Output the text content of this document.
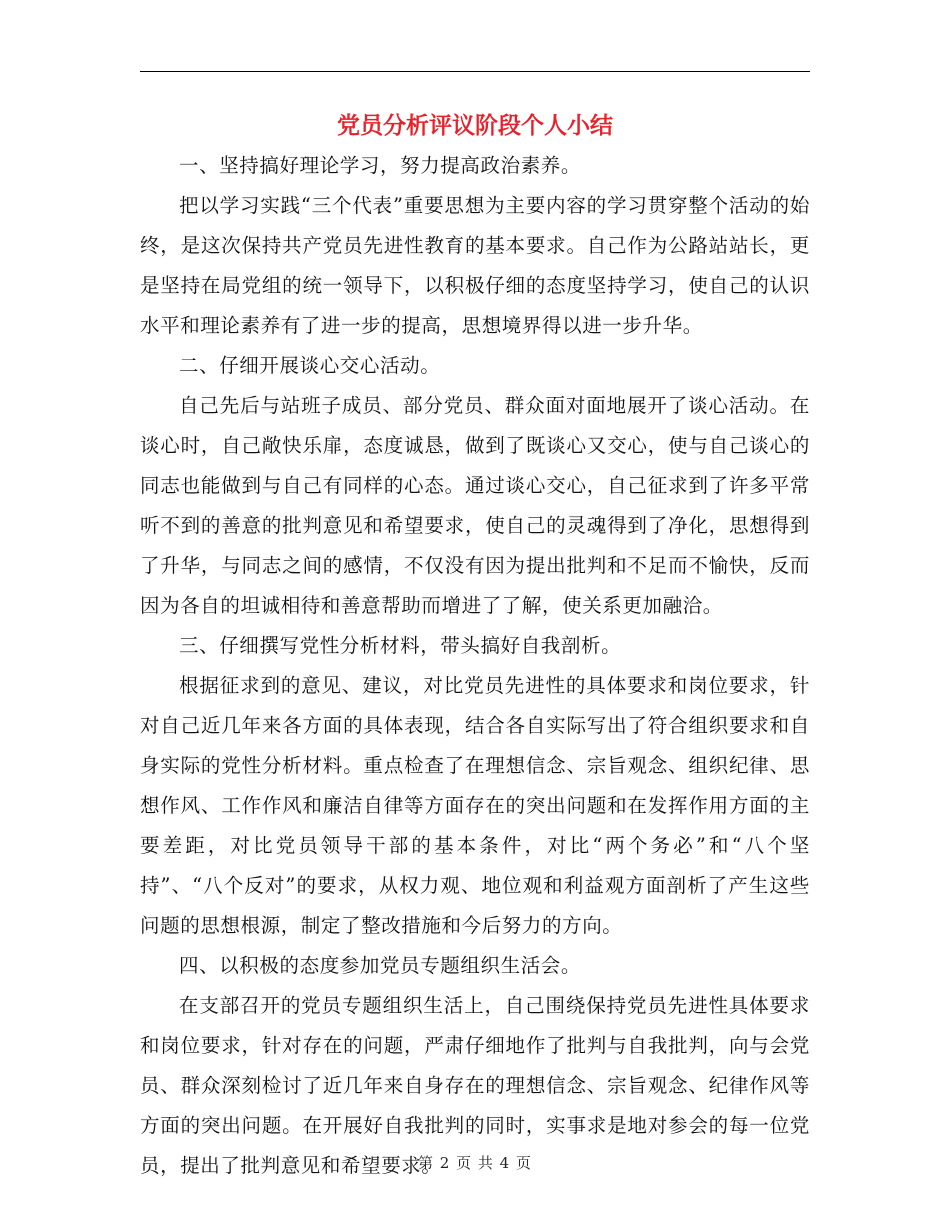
党员分析评议阶段个人小结

一、坚持搞好理论学习，努力提高政治素养。

把以学习实践“三个代表”重要思想为主要内容的学习贯穿整个活动的始终，是这次保持共产党员先进性教育的基本要求。自己作为公路站站长，更是坚持在局党组的统一领导下，以积极仔细的态度坚持学习，使自己的认识水平和理论素养有了进一步的提高，思想境界得以进一步升华。

二、仔细开展谈心交心活动。

自己先后与站班子成员、部分党员、群众面对面地展开了谈心活动。在谈心时，自己敞快乐扉，态度诚恳，做到了既谈心又交心，使与自己谈心的同志也能做到与自己有同样的心态。通过谈心交心，自己征求到了许多平常听不到的善意的批判意见和希望要求，使自己的灵魂得到了净化，思想得到了升华，与同志之间的感情，不仅没有因为提出批判和不足而不愉快，反而因为各自的坦诚相待和善意帮助而增进了了解，使关系更加融洽。

三、仔细撰写党性分析材料，带头搞好自我剖析。

根据征求到的意见、建议，对比党员先进性的具体要求和岗位要求，针对自己近几年来各方面的具体表现，结合各自实际写出了符合组织要求和自身实际的党性分析材料。重点检查了在理想信念、宗旨观念、组织纪律、思想作风、工作作风和廉洁自律等方面存在的突出问题和在发挥作用方面的主要差距，对比党员领导干部的基本条件，对比“两个务必”和“八个坚持”、“八个反对”的要求，从权力观、地位观和利益观方面剖析了产生这些问题的思想根源，制定了整改措施和今后努力的方向。

四、以积极的态度参加党员专题组织生活会。

在支部召开的党员专题组织生活上，自己围绕保持党员先进性具体要求和岗位要求，针对存在的问题，严肃仔细地作了批判与自我批判，向与会党员、群众深刻检讨了近几年来自身存在的理想信念、宗旨观念、纪律作风等方面的突出问题。在开展好自我批判的同时，实事求是地对参会的每一位党员，提出了批判意见和希望要求。

第 2 页 共 4 页
